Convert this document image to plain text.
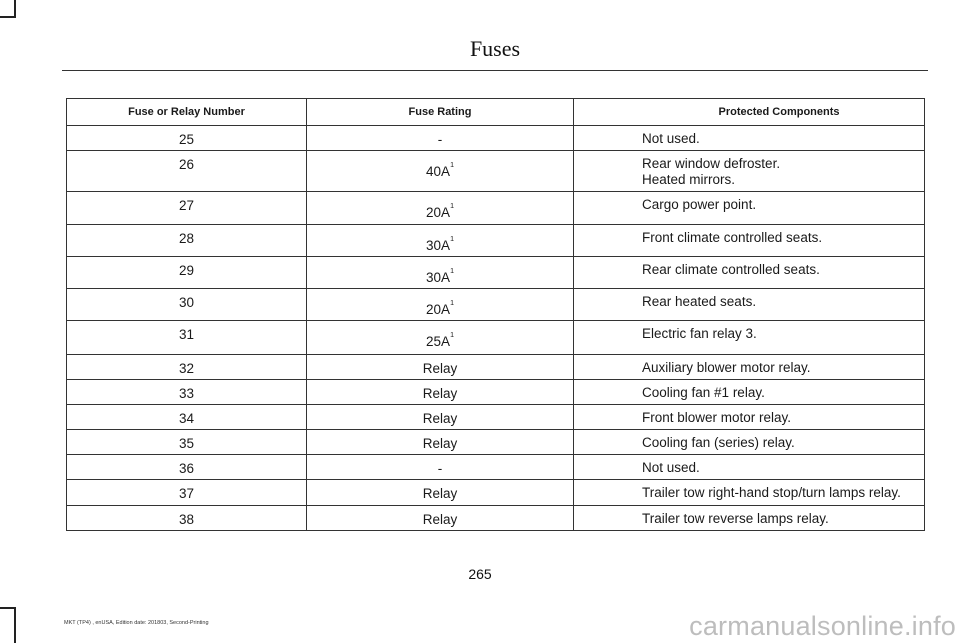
Fuses
Fuse or Relay Number	Fuse Rating	Protected Components
25	-	Not used.

26	$40A^1$	Rear window defroster.
Heated mirrors.

27	$20A^1$	Cargo power point.

28	$30A^1$	Front climate controlled seats.

29	$30A^1$	Rear climate controlled seats.

30	$20A^1$	Rear heated seats.

31	$25A^1$	Electric fan relay 3.

32	Relay	Auxiliary blower motor relay.

33	Relay	Cooling fan #1 relay.

34	Relay	Front blower motor relay.

35	Relay	Cooling fan (series) relay.

36	-	Not used.

37	Relay	Trailer tow right-hand stop/turn lamps relay.

38	Relay	Trailer tow reverse lamps relay.
265
MKT (TP4) , enUSA, Edition date: 201803, Second-Printing	carmanualsonline.info
